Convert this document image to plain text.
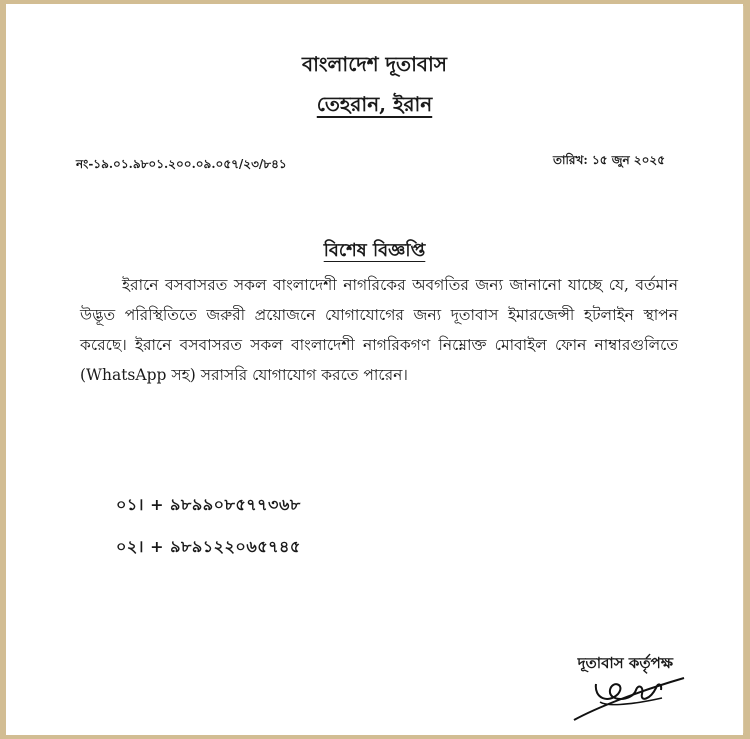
বাংলাদেশ দূতাবাস
তেহরান, ইরান
নং-১৯.০১.৯৮০১.২০০.০৯.০৫৭/২৩/৮৪১	তারিখ: ১৫ জুন ২০২৫
বিশেষ বিজ্ঞপ্তি
ইরানে বসবাসরত সকল বাংলাদেশী নাগরিকের অবগতির জন্য জানানো যাচ্ছে যে, বর্তমান উদ্ভূত পরিস্থিতিতে জরুরী প্রয়োজনে যোগাযোগের জন্য দূতাবাস ইমারজেন্সী হটলাইন স্থাপন করেছে। ইরানে বসবাসরত সকল বাংলাদেশী নাগরিকগণ নিম্নোক্ত মোবাইল ফোন নাম্বারগুলিতে (WhatsApp সহ) সরাসরি যোগাযোগ করতে পারেন।
০১। + ৯৮৯৯০৮৫৭৭৩৬৮
০২। + ৯৮৯১২২০৬৫৭৪৫
দূতাবাস কর্তৃপক্ষ
